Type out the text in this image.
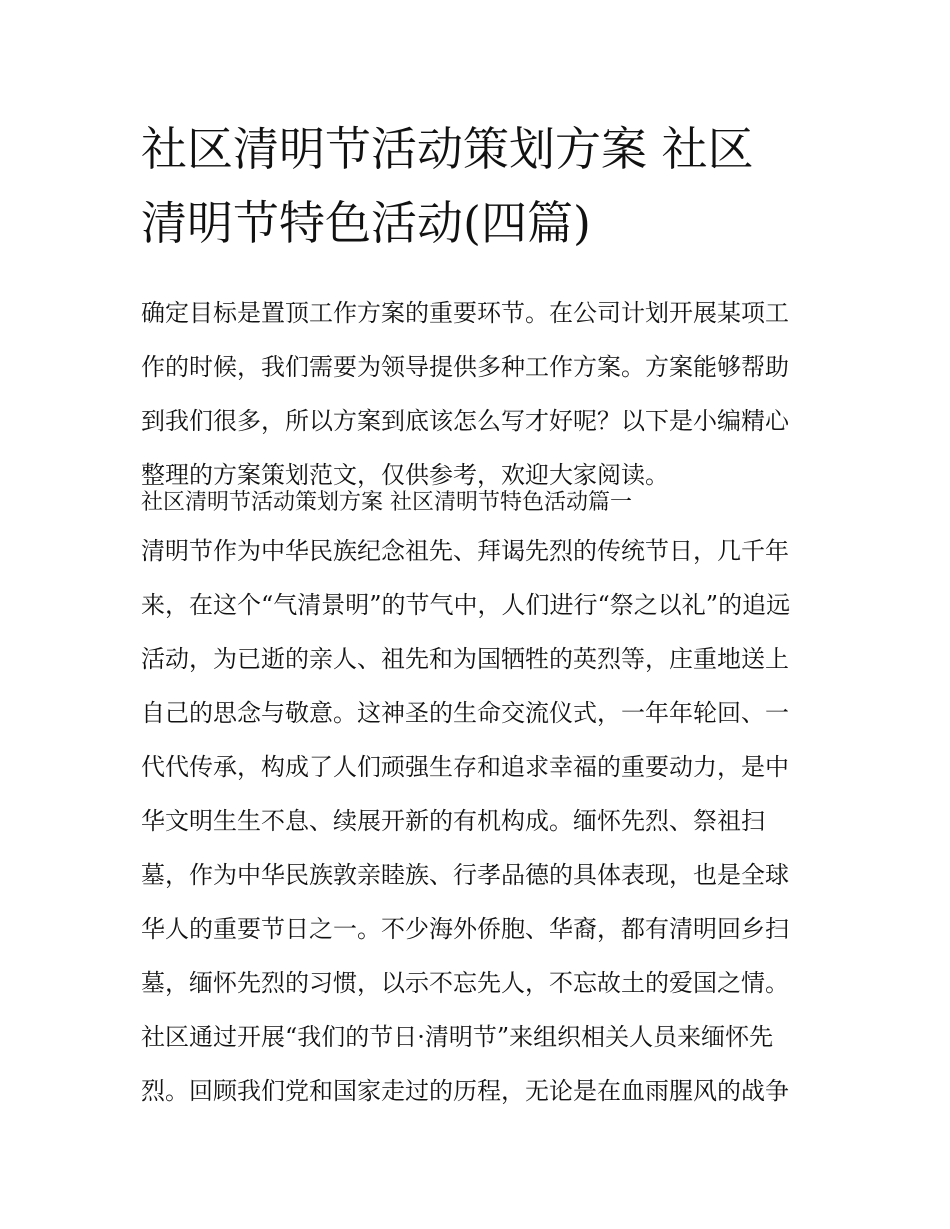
社区清明节活动策划方案 社区
清明节特色活动(四篇)
确定目标是置顶工作方案的重要环节。在公司计划开展某项工
作的时候，我们需要为领导提供多种工作方案。方案能够帮助
到我们很多，所以方案到底该怎么写才好呢？以下是小编精心
整理的方案策划范文，仅供参考，欢迎大家阅读。
社区清明节活动策划方案 社区清明节特色活动篇一
清明节作为中华民族纪念祖先、拜谒先烈的传统节日，几千年
来，在这个“气清景明”的节气中，人们进行“祭之以礼”的追远
活动，为已逝的亲人、祖先和为国牺牲的英烈等，庄重地送上
自己的思念与敬意。这神圣的生命交流仪式，一年年轮回、一
代代传承，构成了人们顽强生存和追求幸福的重要动力，是中
华文明生生不息、续展开新的有机构成。缅怀先烈、祭祖扫
墓，作为中华民族敦亲睦族、行孝品德的具体表现，也是全球
华人的重要节日之一。不少海外侨胞、华裔，都有清明回乡扫
墓，缅怀先烈的习惯，以示不忘先人，不忘故土的爱国之情。
社区通过开展“我们的节日·清明节”来组织相关人员来缅怀先
烈。回顾我们党和国家走过的历程，无论是在血雨腥风的战争
